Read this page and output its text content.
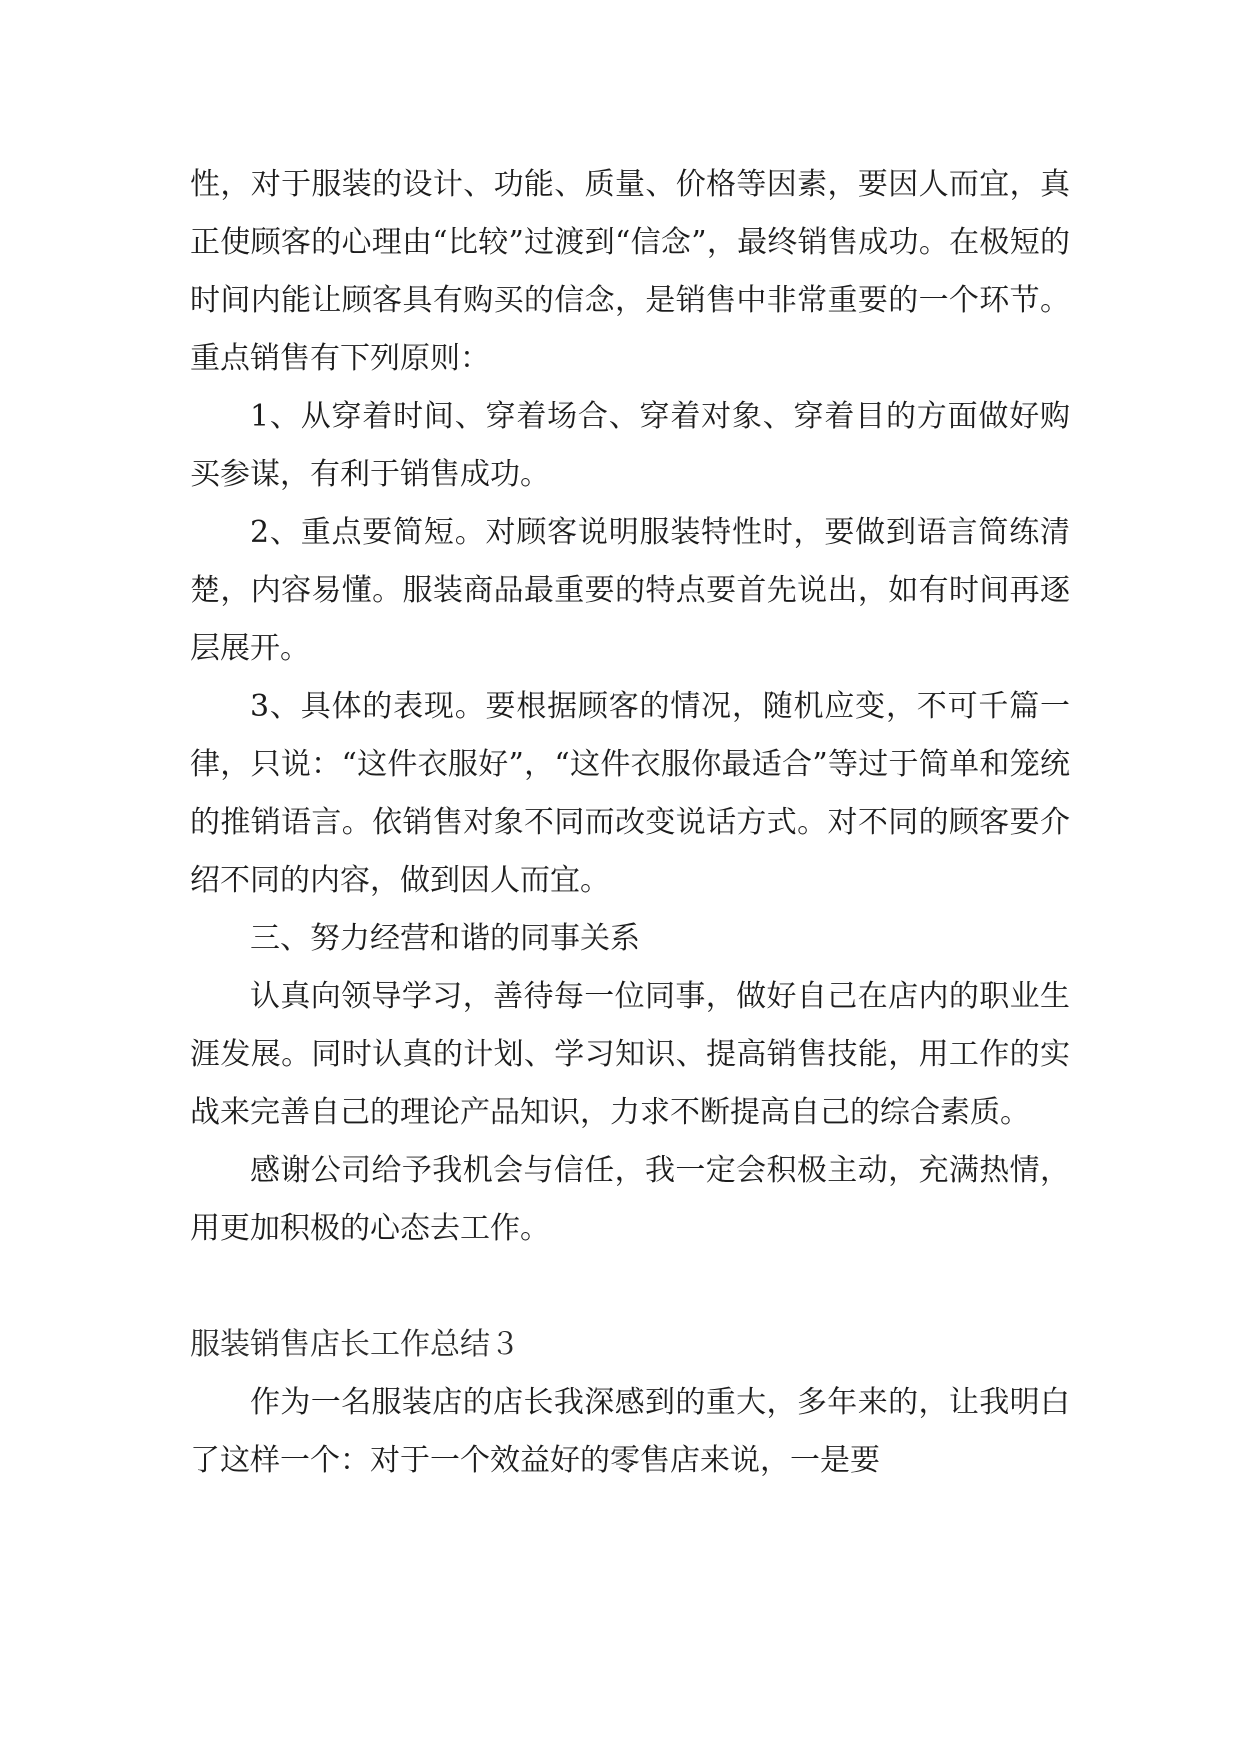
性，对于服装的设计、功能、质量、价格等因素，要因人而宜，真正使顾客的心理由“比较”过渡到“信念”，最终销售成功。在极短的时间内能让顾客具有购买的信念，是销售中非常重要的一个环节。重点销售有下列原则：

1、从穿着时间、穿着场合、穿着对象、穿着目的方面做好购买参谋，有利于销售成功。

2、重点要简短。对顾客说明服装特性时，要做到语言简练清楚，内容易懂。服装商品最重要的特点要首先说出，如有时间再逐层展开。

3、具体的表现。要根据顾客的情况，随机应变，不可千篇一律，只说：“这件衣服好”，“这件衣服你最适合”等过于简单和笼统的推销语言。依销售对象不同而改变说话方式。对不同的顾客要介绍不同的内容，做到因人而宜。

三、努力经营和谐的同事关系

认真向领导学习，善待每一位同事，做好自己在店内的职业生涯发展。同时认真的计划、学习知识、提高销售技能，用工作的实战来完善自己的理论产品知识，力求不断提高自己的综合素质。

感谢公司给予我机会与信任，我一定会积极主动，充满热情，用更加积极的心态去工作。

服装销售店长工作总结３

作为一名服装店的店长我深感到的重大，多年来的，让我明白了这样一个：对于一个效益好的零售店来说，一是要
